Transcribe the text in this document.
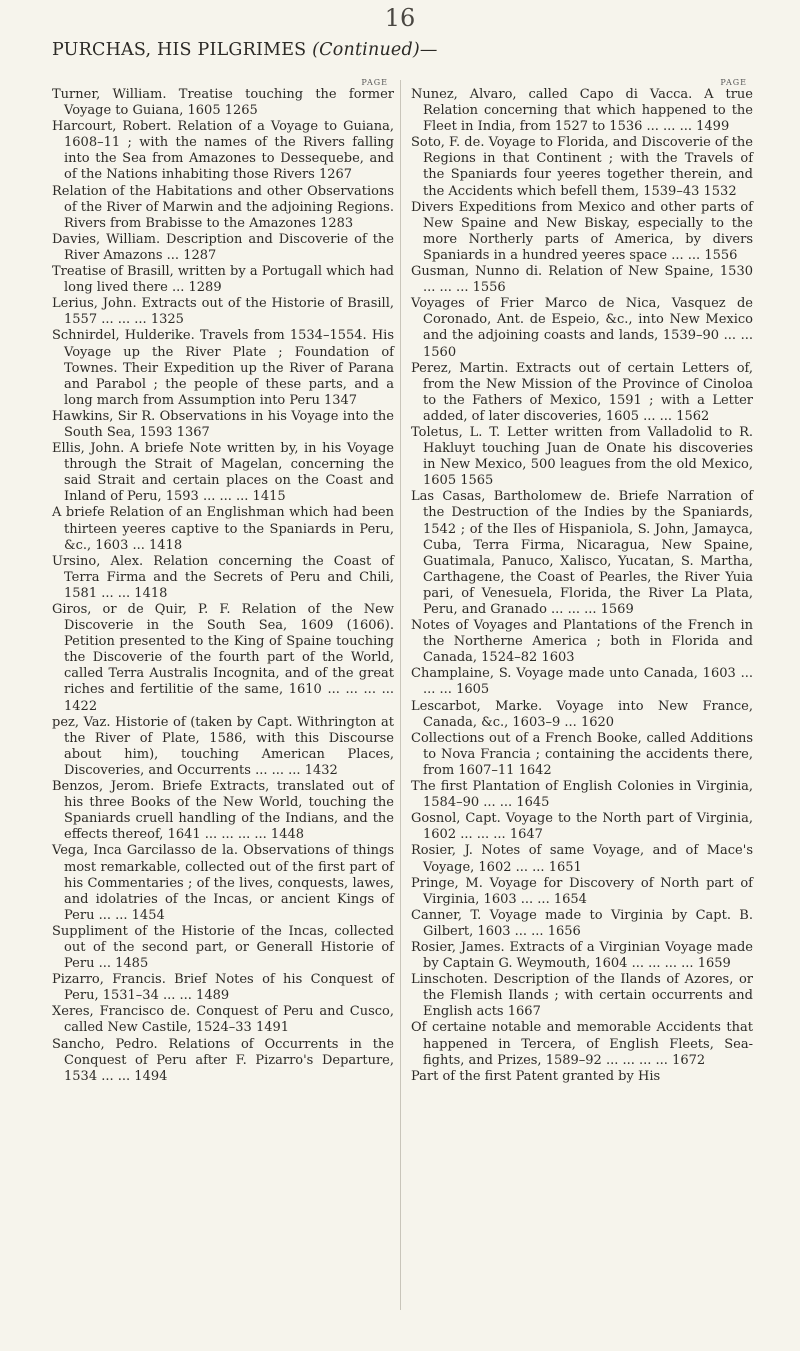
16
PURCHAS, HIS PILGRIMES (Continued)—
PAGE
Turner, William. Treatise touching the former Voyage to Guiana, 1605 1265
Harcourt, Robert. Relation of a Voyage to Guiana, 1608–11 ; with the names of the Rivers falling into the Sea from Amazones to Dessequebe, and of the Nations inhabiting those Rivers 1267
Relation of the Habitations and other Observations of the River of Marwin and the adjoining Regions. Rivers from Brabisse to the Amazones 1283
Davies, William. Description and Discoverie of the River Amazons ... 1287
Treatise of Brasill, written by a Portugall which had long lived there ... 1289
Lerius, John. Extracts out of the Historie of Brasill, 1557 ... ... ... 1325
Schnirdel, Hulderike. Travels from 1534–1554. His Voyage up the River Plate ; Foundation of Townes. Their Expedition up the River of Parana and Parabol ; the people of these parts, and a long march from Assumption into Peru 1347
Hawkins, Sir R. Observations in his Voyage into the South Sea, 1593 1367
Ellis, John. A briefe Note written by, in his Voyage through the Strait of Magelan, concerning the said Strait and certain places on the Coast and Inland of Peru, 1593 ... ... ... 1415
A briefe Relation of an Englishman which had been thirteen yeeres captive to the Spaniards in Peru, &c., 1603 ... 1418
Ursino, Alex. Relation concerning the Coast of Terra Firma and the Secrets of Peru and Chili, 1581 ... ... 1418
Giros, or de Quir, P. F. Relation of the New Discoverie in the South Sea, 1609 (1606). Petition presented to the King of Spaine touching the Discoverie of the fourth part of the World, called Terra Australis Incognita, and of the great riches and fertilitie of the same, 1610 ... ... ... ... 1422
pez, Vaz. Historie of (taken by Capt. Withrington at the River of Plate, 1586, with this Discourse about him), touching American Places, Discoveries, and Occurrents ... ... ... 1432
Benzos, Jerom. Briefe Extracts, translated out of his three Books of the New World, touching the Spaniards cruell handling of the Indians, and the effects thereof, 1641 ... ... ... ... 1448
Vega, Inca Garcilasso de la. Observations of things most remarkable, collected out of the first part of his Commentaries ; of the lives, conquests, lawes, and idolatries of the Incas, or ancient Kings of Peru ... ... 1454
Suppliment of the Historie of the Incas, collected out of the second part, or Generall Historie of Peru ... 1485
Pizarro, Francis. Brief Notes of his Conquest of Peru, 1531–34 ... ... 1489
Xeres, Francisco de. Conquest of Peru and Cusco, called New Castile, 1524–33 1491
Sancho, Pedro. Relations of Occurrents in the Conquest of Peru after F. Pizarro's Departure, 1534 ... ... 1494
PAGE
Nunez, Alvaro, called Capo di Vacca. A true Relation concerning that which happened to the Fleet in India, from 1527 to 1536 ... ... ... 1499
Soto, F. de. Voyage to Florida, and Discoverie of the Regions in that Continent ; with the Travels of the Spaniards four yeeres together therein, and the Accidents which befell them, 1539–43 1532
Divers Expeditions from Mexico and other parts of New Spaine and New Biskay, especially to the more Northerly parts of America, by divers Spaniards in a hundred yeeres space ... ... 1556
Gusman, Nunno di. Relation of New Spaine, 1530 ... ... ... 1556
Voyages of Frier Marco de Nica, Vasquez de Coronado, Ant. de Espeio, &c., into New Mexico and the adjoining coasts and lands, 1539–90 ... ... 1560
Perez, Martin. Extracts out of certain Letters of, from the New Mission of the Province of Cinoloa to the Fathers of Mexico, 1591 ; with a Letter added, of later discoveries, 1605 ... ... 1562
Toletus, L. T. Letter written from Valladolid to R. Hakluyt touching Juan de Onate his discoveries in New Mexico, 500 leagues from the old Mexico, 1605 1565
Las Casas, Bartholomew de. Briefe Narration of the Destruction of the Indies by the Spaniards, 1542 ; of the Iles of Hispaniola, S. John, Jamayca, Cuba, Terra Firma, Nicaragua, New Spaine, Guatimala, Panuco, Xalisco, Yucatan, S. Martha, Carthagene, the Coast of Pearles, the River Yuia pari, of Venesuela, Florida, the River La Plata, Peru, and Granado ... ... ... 1569
Notes of Voyages and Plantations of the French in the Northerne America ; both in Florida and Canada, 1524–82 1603
Champlaine, S. Voyage made unto Canada, 1603 ... ... ... 1605
Lescarbot, Marke. Voyage into New France, Canada, &c., 1603–9 ... 1620
Collections out of a French Booke, called Additions to Nova Francia ; containing the accidents there, from 1607–11 1642
The first Plantation of English Colonies in Virginia, 1584–90 ... ... 1645
Gosnol, Capt. Voyage to the North part of Virginia, 1602 ... ... ... 1647
Rosier, J. Notes of same Voyage, and of Mace's Voyage, 1602 ... ... 1651
Pringe, M. Voyage for Discovery of North part of Virginia, 1603 ... ... 1654
Canner, T. Voyage made to Virginia by Capt. B. Gilbert, 1603 ... ... 1656
Rosier, James. Extracts of a Virginian Voyage made by Captain G. Weymouth, 1604 ... ... ... ... 1659
Linschoten. Description of the Ilands of Azores, or the Flemish Ilands ; with certain occurrents and English acts 1667
Of certaine notable and memorable Accidents that happened in Tercera, of English Fleets, Sea-fights, and Prizes, 1589–92 ... ... ... ... 1672
Part of the first Patent granted by His
